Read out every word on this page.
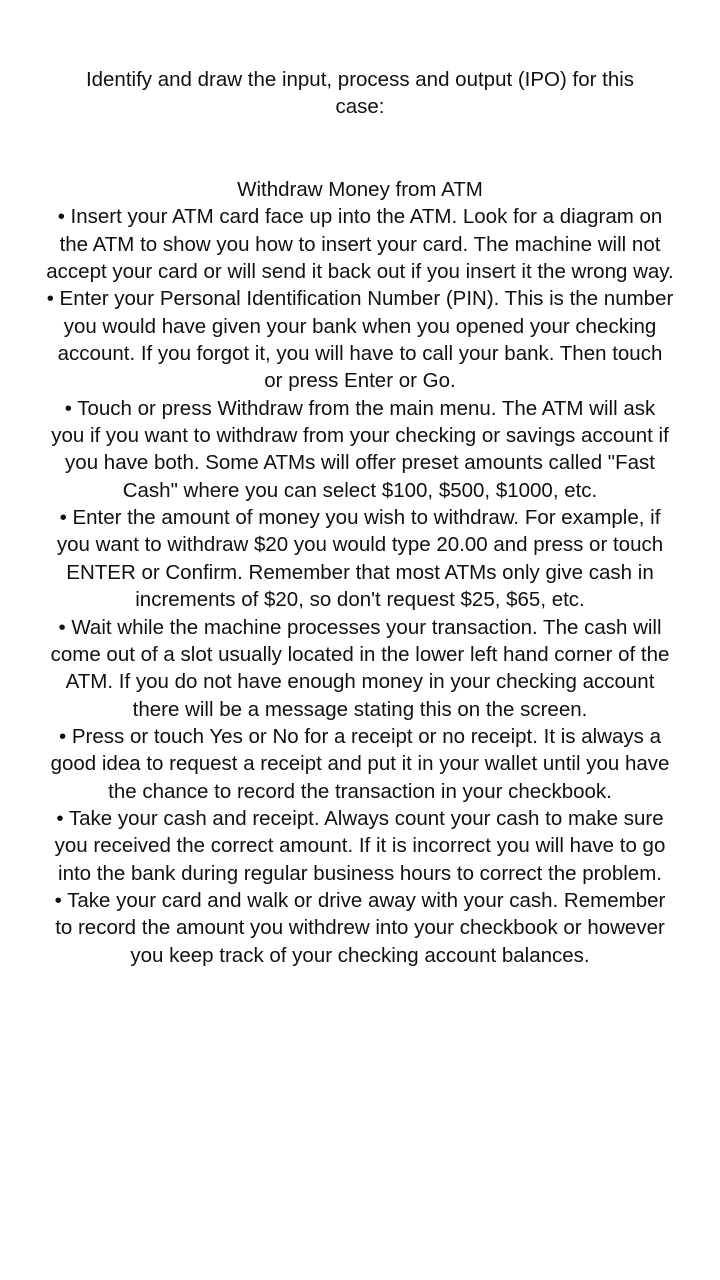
Identify and draw the input, process and output (IPO) for this case:
Withdraw Money from ATM

• Insert your ATM card face up into the ATM. Look for a diagram on the ATM to show you how to insert your card. The machine will not accept your card or will send it back out if you insert it the wrong way.

• Enter your Personal Identification Number (PIN). This is the number you would have given your bank when you opened your checking account. If you forgot it, you will have to call your bank. Then touch or press Enter or Go.

• Touch or press Withdraw from the main menu. The ATM will ask you if you want to withdraw from your checking or savings account if you have both. Some ATMs will offer preset amounts called "Fast Cash" where you can select $100, $500, $1000, etc.

• Enter the amount of money you wish to withdraw. For example, if you want to withdraw $20 you would type 20.00 and press or touch ENTER or Confirm. Remember that most ATMs only give cash in increments of $20, so don't request $25, $65, etc.

• Wait while the machine processes your transaction. The cash will come out of a slot usually located in the lower left hand corner of the ATM. If you do not have enough money in your checking account there will be a message stating this on the screen.

• Press or touch Yes or No for a receipt or no receipt. It is always a good idea to request a receipt and put it in your wallet until you have the chance to record the transaction in your checkbook.

• Take your cash and receipt. Always count your cash to make sure you received the correct amount. If it is incorrect you will have to go into the bank during regular business hours to correct the problem.

• Take your card and walk or drive away with your cash. Remember to record the amount you withdrew into your checkbook or however you keep track of your checking account balances.
